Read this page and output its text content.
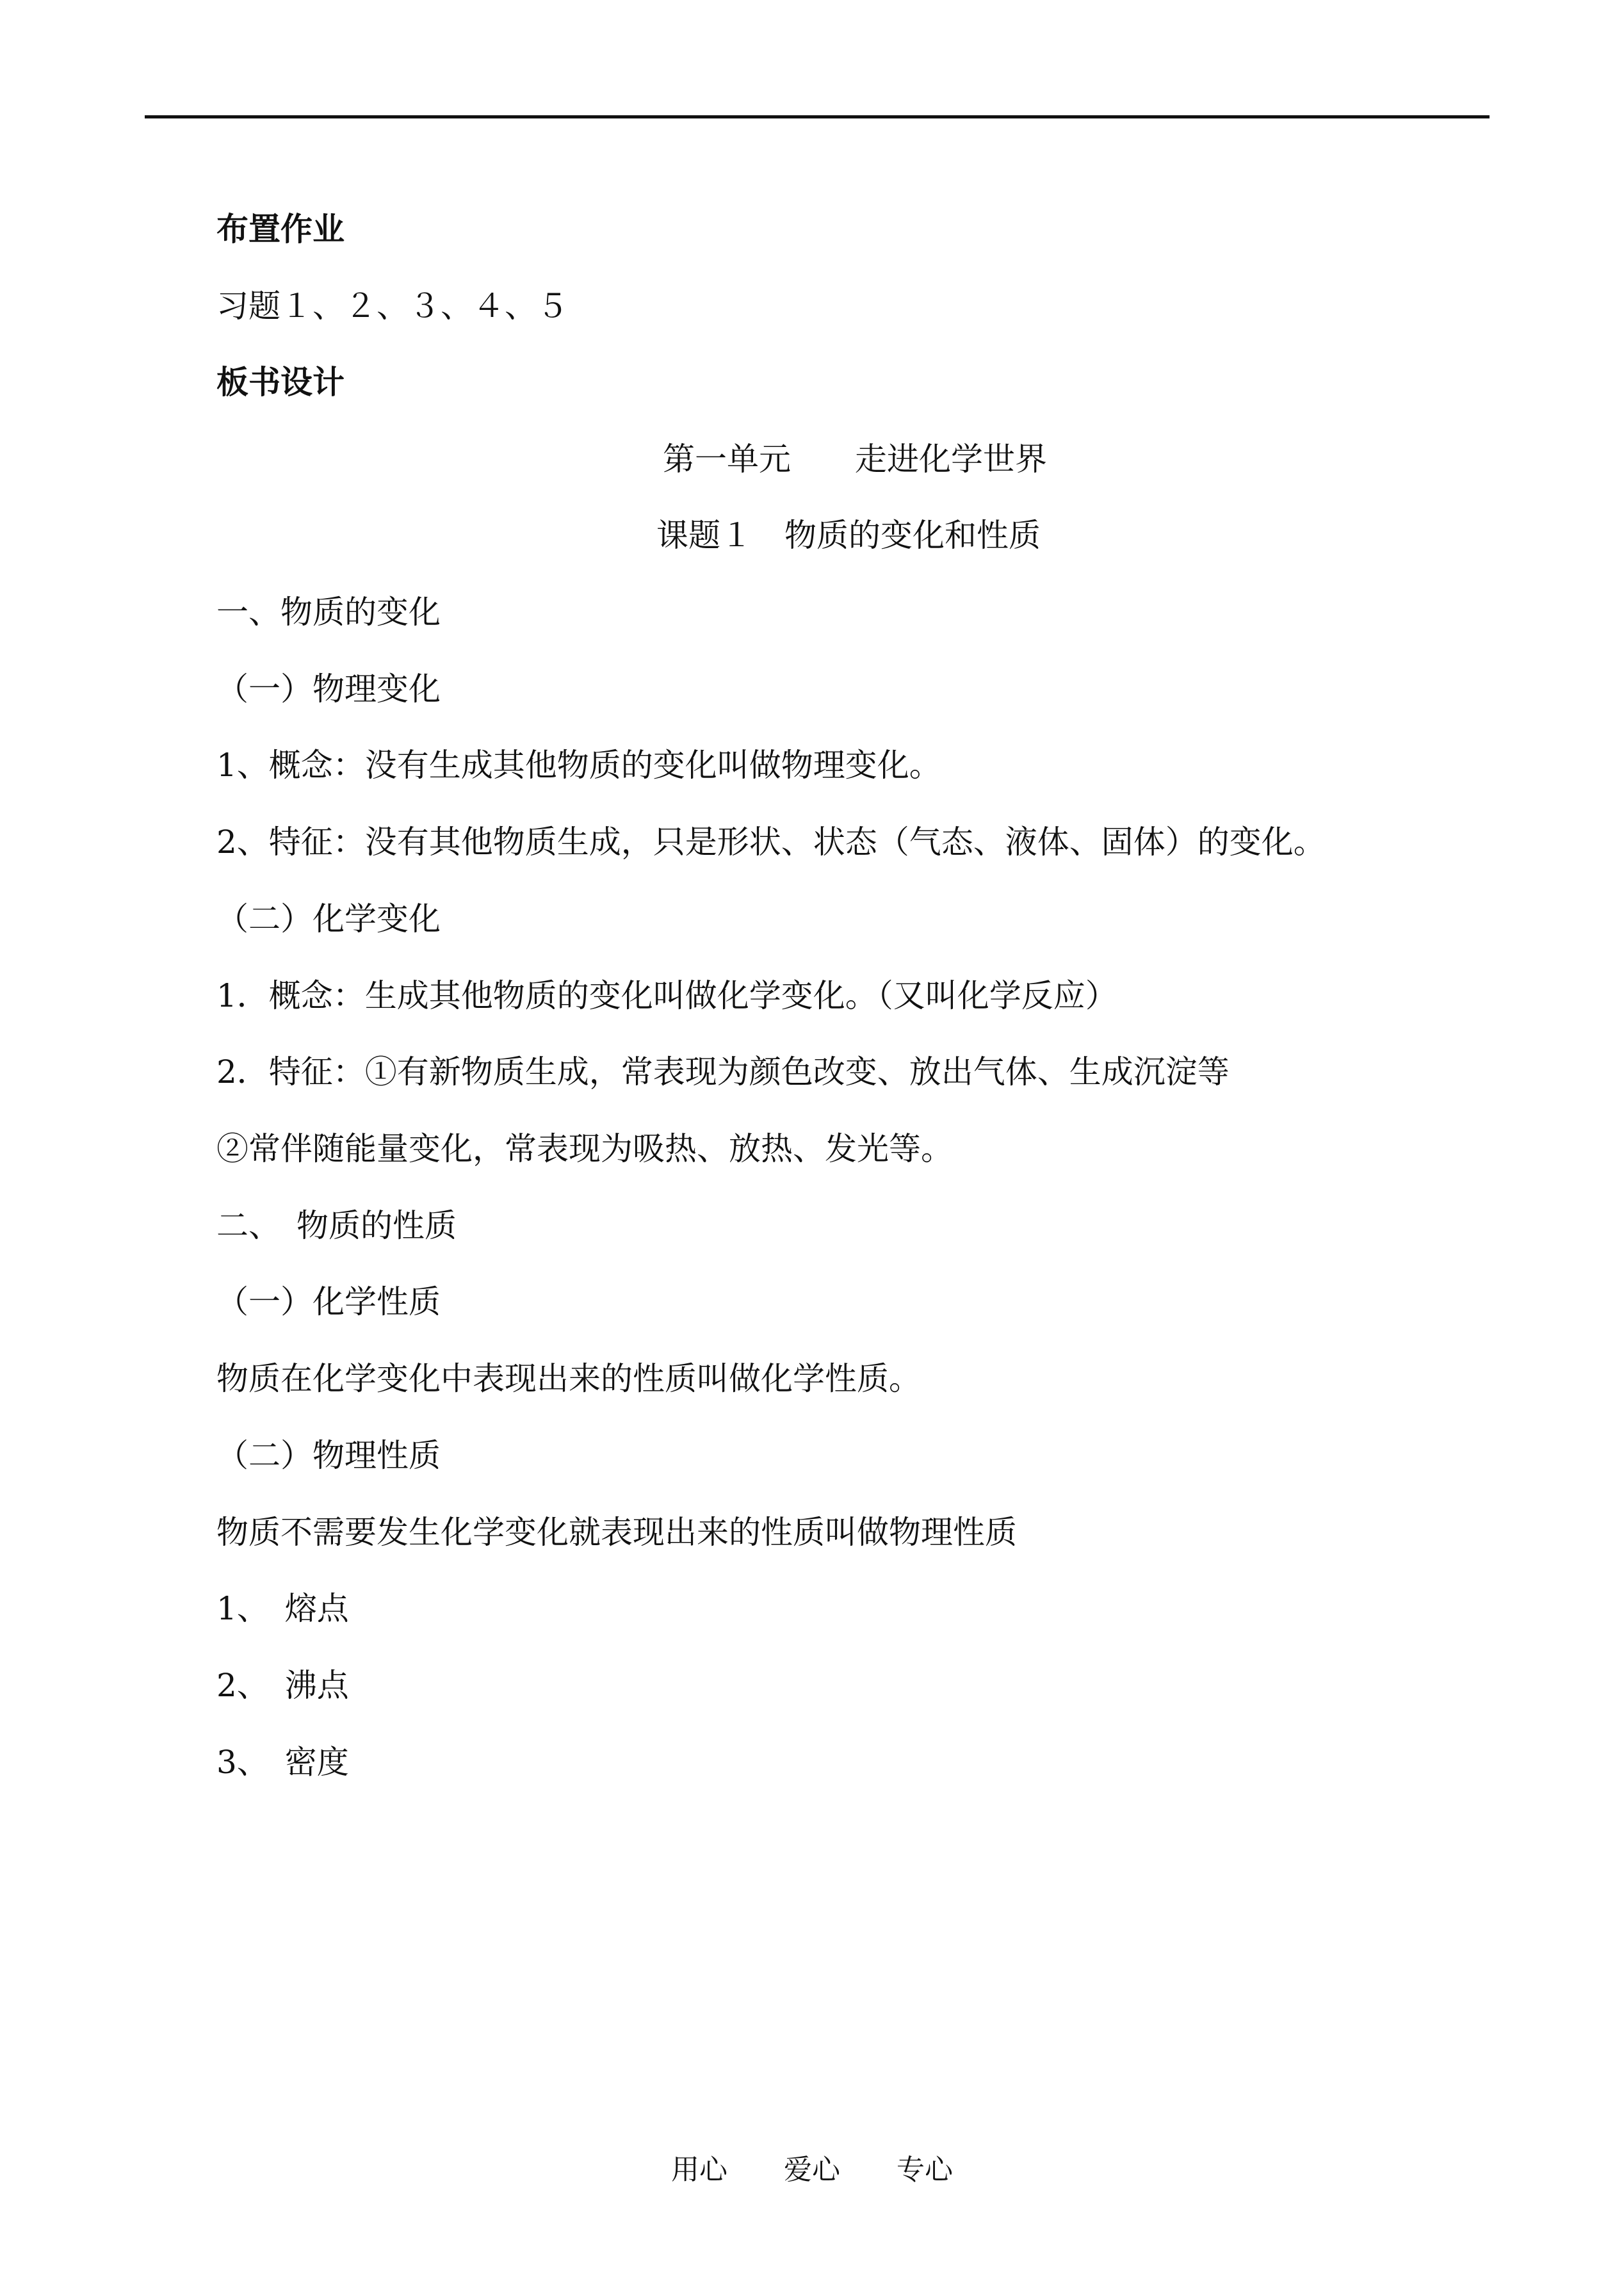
布置作业
习题１、２、３、４、５
板书设计
第一单元　　走进化学世界
课题１　物质的变化和性质
一、物质的变化
（一）物理变化
1、概念：没有生成其他物质的变化叫做物理变化。
2、特征：没有其他物质生成，只是形状、状态（气态、液体、固体）的变化。
（二）化学变化
1．概念：生成其他物质的变化叫做化学变化。（又叫化学反应）
2．特征：①有新物质生成，常表现为颜色改变、放出气体、生成沉淀等
②常伴随能量变化，常表现为吸热、放热、发光等。
二、　物质的性质
（一）化学性质
物质在化学变化中表现出来的性质叫做化学性质。
（二）物理性质
物质不需要发生化学变化就表现出来的性质叫做物理性质
1、　熔点
2、　沸点
3、　密度
用心　　爱心　　专心
